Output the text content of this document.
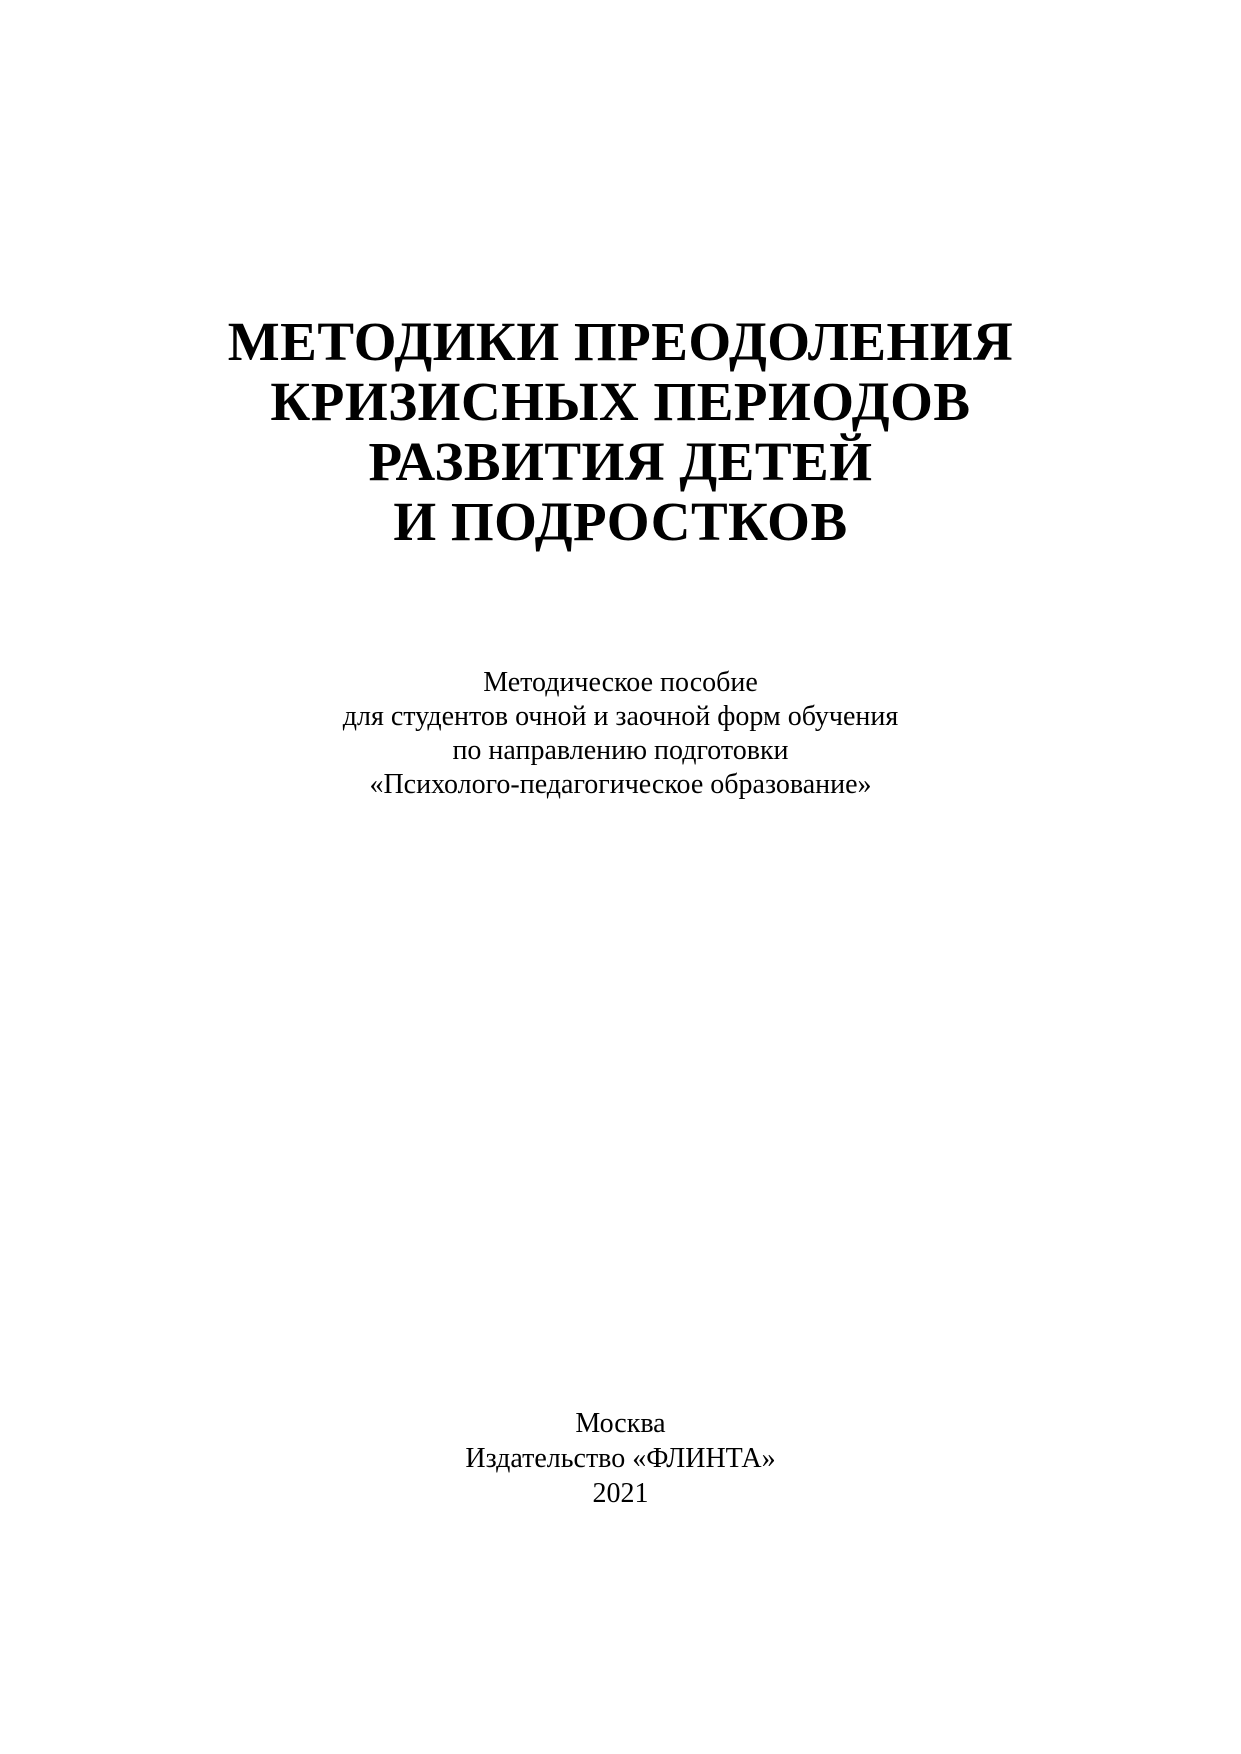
МЕТОДИКИ ПРЕОДОЛЕНИЯ
КРИЗИСНЫХ ПЕРИОДОВ
РАЗВИТИЯ ДЕТЕЙ
И ПОДРОСТКОВ
Методическое пособие
для студентов очной и заочной форм обучения
по направлению подготовки
«Психолого-педагогическое образование»
Москва
Издательство «ФЛИНТА»
2021
